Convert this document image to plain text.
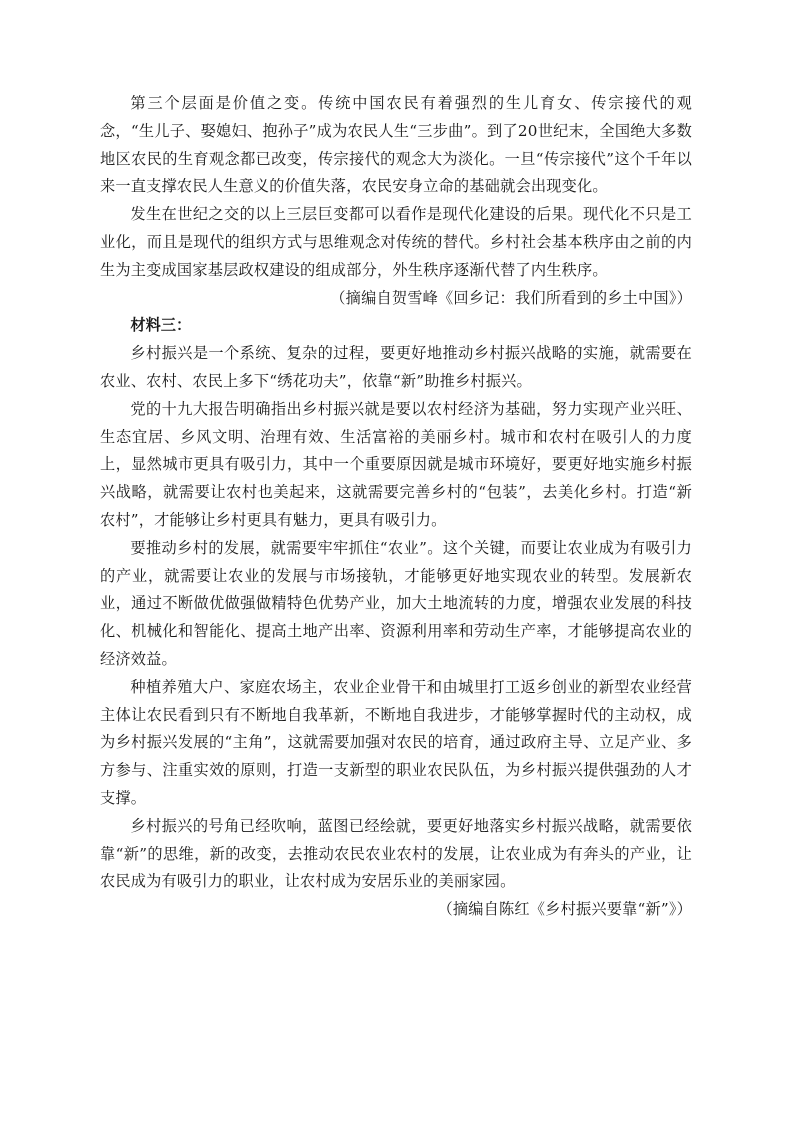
第三个层面是价值之变。传统中国农民有着强烈的生儿育女、传宗接代的观念，“生儿子、娶媳妇、抱孙子”成为农民人生“三步曲”。到了20世纪末，全国绝大多数地区农民的生育观念都已改变，传宗接代的观念大为淡化。一旦“传宗接代”这个千年以来一直支撑农民人生意义的价值失落，农民安身立命的基础就会出现变化。

发生在世纪之交的以上三层巨变都可以看作是现代化建设的后果。现代化不只是工业化，而且是现代的组织方式与思维观念对传统的替代。乡村社会基本秩序由之前的内生为主变成国家基层政权建设的组成部分，外生秩序逐渐代替了内生秩序。

（摘编自贺雪峰《回乡记：我们所看到的乡土中国》）

材料三：

乡村振兴是一个系统、复杂的过程，要更好地推动乡村振兴战略的实施，就需要在农业、农村、农民上多下“绣花功夫”，依靠“新”助推乡村振兴。

党的十九大报告明确指出乡村振兴就是要以农村经济为基础，努力实现产业兴旺、生态宜居、乡风文明、治理有效、生活富裕的美丽乡村。城市和农村在吸引人的力度上，显然城市更具有吸引力，其中一个重要原因就是城市环境好，要更好地实施乡村振兴战略，就需要让农村也美起来，这就需要完善乡村的“包装”，去美化乡村。打造“新农村”，才能够让乡村更具有魅力，更具有吸引力。

要推动乡村的发展，就需要牢牢抓住“农业”。这个关键，而要让农业成为有吸引力的产业，就需要让农业的发展与市场接轨，才能够更好地实现农业的转型。发展新农业，通过不断做优做强做精特色优势产业，加大土地流转的力度，增强农业发展的科技化、机械化和智能化、提高土地产出率、资源利用率和劳动生产率，才能够提高农业的经济效益。

种植养殖大户、家庭农场主，农业企业骨干和由城里打工返乡创业的新型农业经营主体让农民看到只有不断地自我革新，不断地自我进步，才能够掌握时代的主动权，成为乡村振兴发展的“主角”，这就需要加强对农民的培育，通过政府主导、立足产业、多方参与、注重实效的原则，打造一支新型的职业农民队伍，为乡村振兴提供强劲的人才支撑。

乡村振兴的号角已经吹响，蓝图已经绘就，要更好地落实乡村振兴战略，就需要依靠“新”的思维，新的改变，去推动农民农业农村的发展，让农业成为有奔头的产业，让农民成为有吸引力的职业，让农村成为安居乐业的美丽家园。

（摘编自陈红《乡村振兴要靠“新”》）
